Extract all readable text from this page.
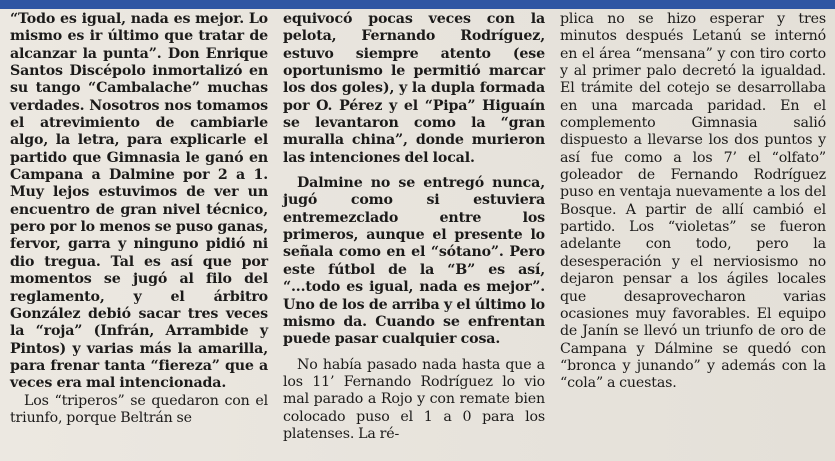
“Todo es igual, nada es mejor. Lo mismo es ir último que tratar de alcanzar la punta”. Don Enrique Santos Discépolo inmortalizó en su tango “Cambalache” muchas verdades. Nosotros nos tomamos el atrevimiento de cambiarle algo, la letra, para explicarle el partido que Gimnasia le ganó en Campana a Dalmine por 2 a 1. Muy lejos estuvimos de ver un encuentro de gran nivel técnico, pero por lo menos se puso ganas, fervor, garra y ninguno pidió ni dio tregua. Tal es así que por momentos se jugó al filo del reglamento, y el árbitro González debió sacar tres veces la “roja” (Infrán, Arrambide y Pintos) y varias más la amarilla, para frenar tanta “fiereza” que a veces era mal intencionada.

Los “triperos” se quedaron con el triunfo, porque Beltrán se

equivocó pocas veces con la pelota, Fernando Rodríguez, estuvo siempre atento (ese oportunismo le permitió marcar los dos goles), y la dupla formada por O. Pérez y el “Pipa” Higuaín se levantaron como la “gran muralla china”, donde murieron las intenciones del local.

Dalmine no se entregó nunca, jugó como si estuviera entremezclado entre los primeros, aunque el presente lo señala como en el “sótano”. Pero este fútbol de la “B” es así, “...todo es igual, nada es mejor”. Uno de los de arriba y el último lo mismo da. Cuando se enfrentan puede pasar cualquier cosa.

No había pasado nada hasta que a los 11’ Fernando Rodríguez lo vio mal parado a Rojo y con remate bien colocado puso el 1 a 0 para los platenses. La ré-

plica no se hizo esperar y tres minutos después Letanú se internó en el área “mensana” y con tiro corto y al primer palo decretó la igualdad. El trámite del cotejo se desarrollaba en una marcada paridad. En el complemento Gimnasia salió dispuesto a llevarse los dos puntos y así fue como a los 7’ el “olfato” goleador de Fernando Rodríguez puso en ventaja nuevamente a los del Bosque. A partir de allí cambió el partido. Los “violetas” se fueron adelante con todo, pero la desesperación y el nerviosismo no dejaron pensar a los ágiles locales que desaprovecharon varias ocasiones muy favorables. El equipo de Janín se llevó un triunfo de oro de Campana y Dálmine se quedó con “bronca y junando” y además con la “cola” a cuestas.
